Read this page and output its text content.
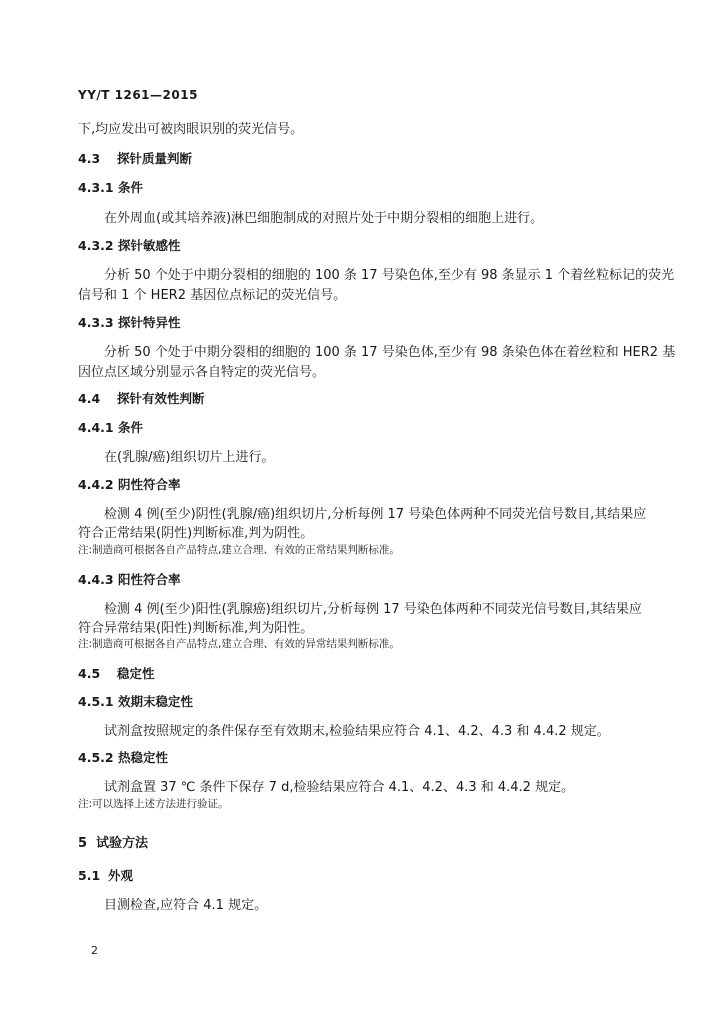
YY/T 1261—2015
下,均应发出可被肉眼识别的荧光信号。
4.3 探针质量判断
4.3.1 条件
在外周血(或其培养液)淋巴细胞制成的对照片处于中期分裂相的细胞上进行。
4.3.2 探针敏感性
分析 50 个处于中期分裂相的细胞的 100 条 17 号染色体,至少有 98 条显示 1 个着丝粒标记的荧光
信号和 1 个 HER2 基因位点标记的荧光信号。
4.3.3 探针特异性
分析 50 个处于中期分裂相的细胞的 100 条 17 号染色体,至少有 98 条染色体在着丝粒和 HER2 基
因位点区域分别显示各自特定的荧光信号。
4.4 探针有效性判断
4.4.1 条件
在(乳腺/癌)组织切片上进行。
4.4.2 阴性符合率
检测 4 例(至少)阴性(乳腺/癌)组织切片,分析每例 17 号染色体两种不同荧光信号数目,其结果应
符合正常结果(阴性)判断标准,判为阴性。
注:制造商可根据各自产品特点,建立合理、有效的正常结果判断标准。
4.4.3 阳性符合率
检测 4 例(至少)阳性(乳腺癌)组织切片,分析每例 17 号染色体两种不同荧光信号数目,其结果应
符合异常结果(阳性)判断标准,判为阳性。
注:制造商可根据各自产品特点,建立合理、有效的异常结果判断标准。
4.5 稳定性
4.5.1 效期末稳定性
试剂盒按照规定的条件保存至有效期末,检验结果应符合 4.1、4.2、4.3 和 4.4.2 规定。
4.5.2 热稳定性
试剂盒置 37 ℃ 条件下保存 7 d,检验结果应符合 4.1、4.2、4.3 和 4.4.2 规定。
注:可以选择上述方法进行验证。
5 试验方法
5.1 外观
目测检查,应符合 4.1 规定。
2
